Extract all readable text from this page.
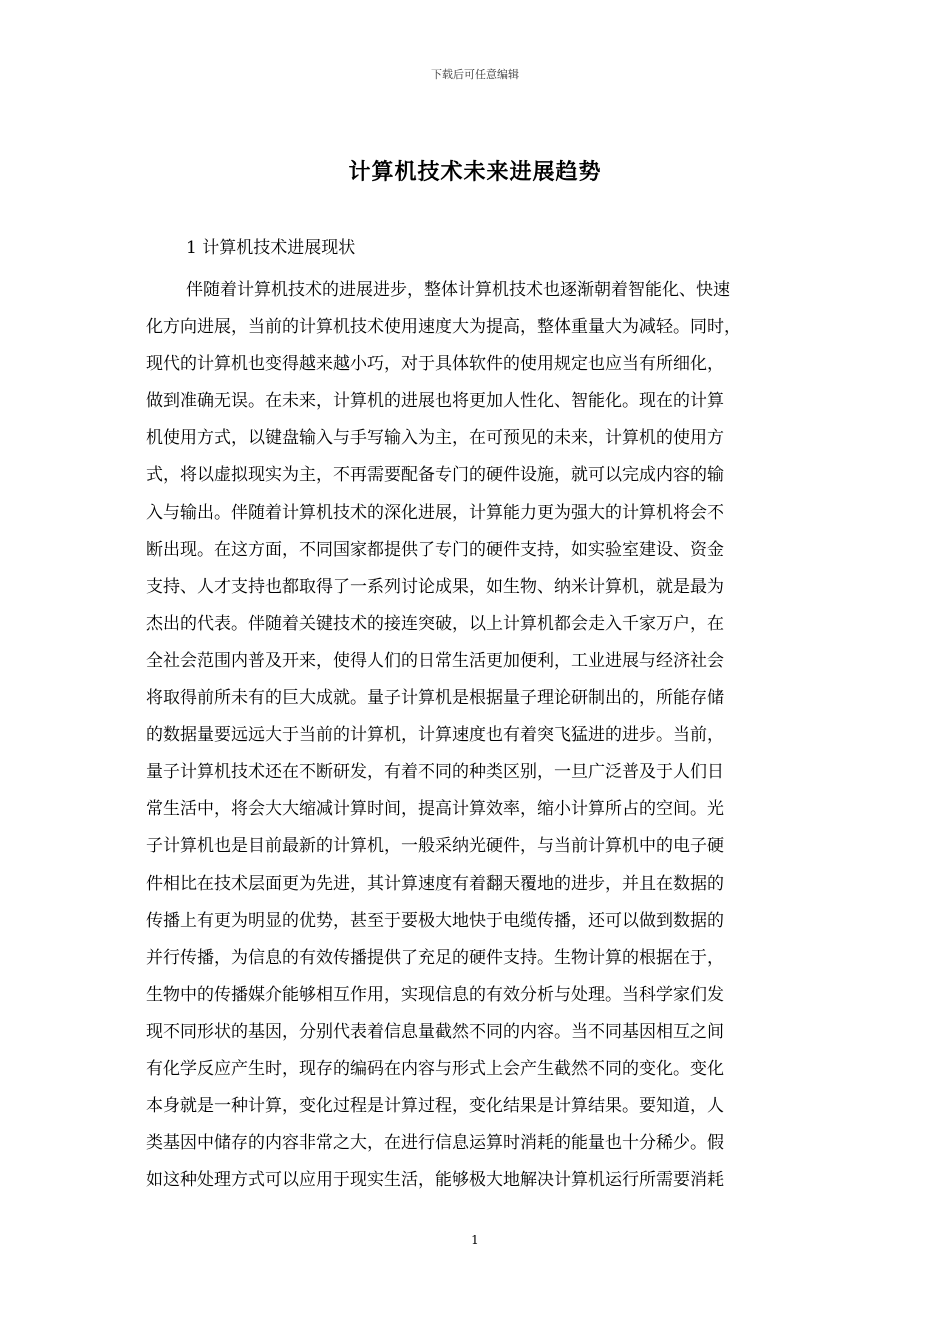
下载后可任意编辑
计算机技术未来进展趋势
1 计算机技术进展现状
伴随着计算机技术的进展进步，整体计算机技术也逐渐朝着智能化、快速
化方向进展，当前的计算机技术使用速度大为提高，整体重量大为减轻。同时，
现代的计算机也变得越来越小巧，对于具体软件的使用规定也应当有所细化，
做到准确无误。在未来，计算机的进展也将更加人性化、智能化。现在的计算
机使用方式，以键盘输入与手写输入为主，在可预见的未来，计算机的使用方
式，将以虚拟现实为主，不再需要配备专门的硬件设施，就可以完成内容的输
入与输出。伴随着计算机技术的深化进展，计算能力更为强大的计算机将会不
断出现。在这方面，不同国家都提供了专门的硬件支持，如实验室建设、资金
支持、人才支持也都取得了一系列讨论成果，如生物、纳米计算机，就是最为
杰出的代表。伴随着关键技术的接连突破，以上计算机都会走入千家万户，在
全社会范围内普及开来，使得人们的日常生活更加便利，工业进展与经济社会
将取得前所未有的巨大成就。量子计算机是根据量子理论研制出的，所能存储
的数据量要远远大于当前的计算机，计算速度也有着突飞猛进的进步。当前，
量子计算机技术还在不断研发，有着不同的种类区别，一旦广泛普及于人们日
常生活中，将会大大缩减计算时间，提高计算效率，缩小计算所占的空间。光
子计算机也是目前最新的计算机，一般采纳光硬件，与当前计算机中的电子硬
件相比在技术层面更为先进，其计算速度有着翻天覆地的进步，并且在数据的
传播上有更为明显的优势，甚至于要极大地快于电缆传播，还可以做到数据的
并行传播，为信息的有效传播提供了充足的硬件支持。生物计算的根据在于，
生物中的传播媒介能够相互作用，实现信息的有效分析与处理。当科学家们发
现不同形状的基因，分别代表着信息量截然不同的内容。当不同基因相互之间
有化学反应产生时，现存的编码在内容与形式上会产生截然不同的变化。变化
本身就是一种计算，变化过程是计算过程，变化结果是计算结果。要知道，人
类基因中储存的内容非常之大，在进行信息运算时消耗的能量也十分稀少。假
如这种处理方式可以应用于现实生活，能够极大地解决计算机运行所需要消耗
1
